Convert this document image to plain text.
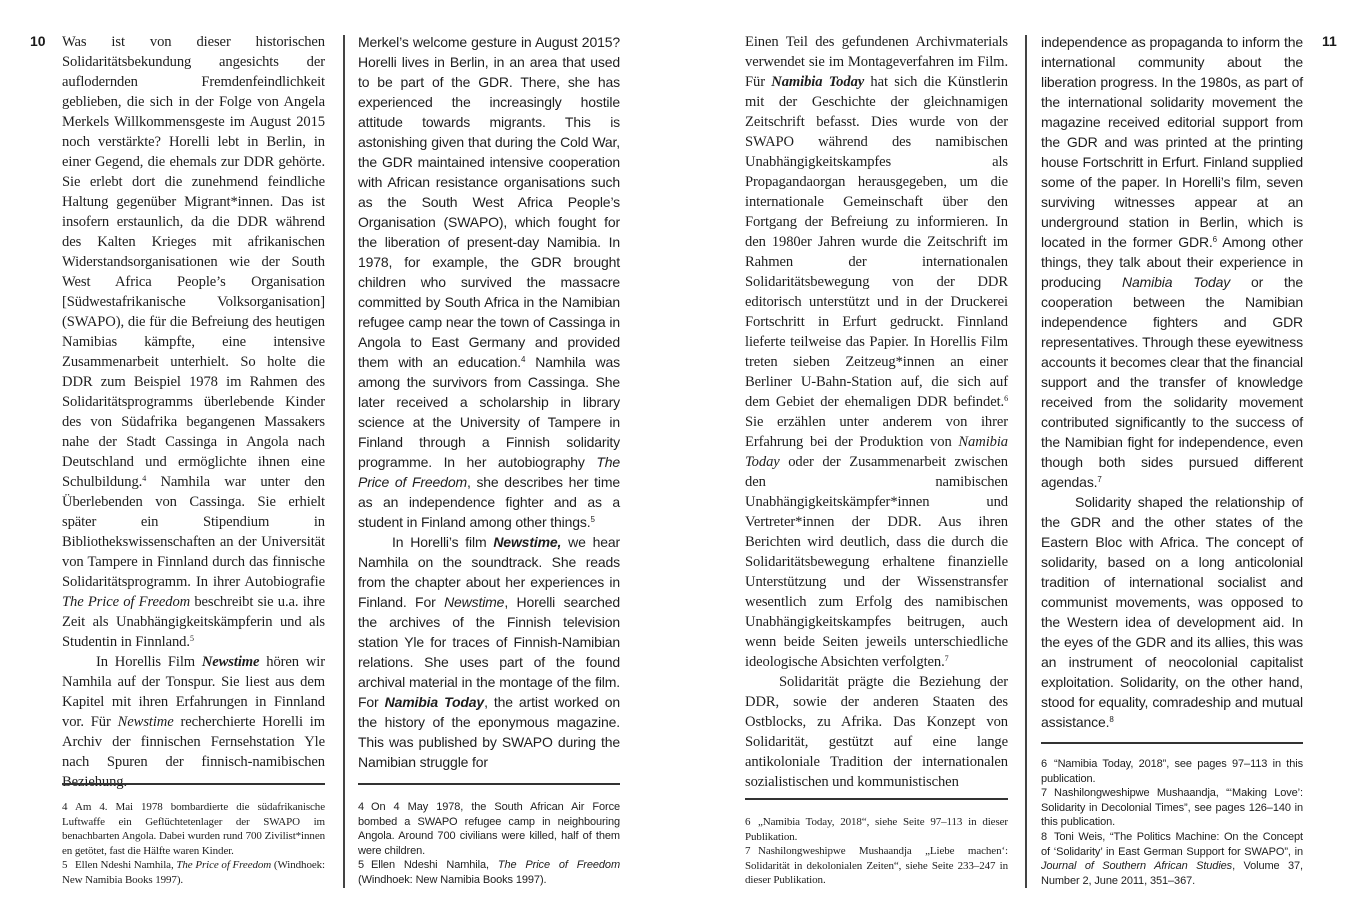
10 Was ist von dieser historischen Solidaritätsbekundung angesichts der auflodernden Fremdenfeindlichkeit geblieben, die sich in der Folge von Angela Merkels Willkommensgeste im August 2015 noch verstärkte? Horelli lebt in Berlin, in einer Gegend, die ehemals zur DDR gehörte. Sie erlebt dort die zunehmend feindliche Haltung gegenüber Migrant*innen. Das ist insofern erstaunlich, da die DDR während des Kalten Krieges mit afrikanischen Widerstandsorganisationen wie der South West Africa People’s Organisation [Südwestafrikanische Volksorganisation] (SWAPO), die für die Befreiung des heutigen Namibias kämpfte, eine intensive Zusammenarbeit unterhielt. So holte die DDR zum Beispiel 1978 im Rahmen des Solidaritätsprogramms überlebende Kinder des von Südafrika begangenen Massakers nahe der Stadt Cassinga in Angola nach Deutschland und ermöglichte ihnen eine Schulbildung.$^4$ Namhila war unter den Überlebenden von Cassinga. Sie erhielt später ein Stipendium in Bibliothekswissenschaften an der Universität von Tampere in Finnland durch das finnische Solidaritätsprogramm. In ihrer Autobiografie The Price of Freedom beschreibt sie u.a. ihre Zeit als Unabhängigkeitskämpferin und als Studentin in Finnland.$^5$

In Horellis Film Newstime hören wir Namhila auf der Tonspur. Sie liest aus dem Kapitel mit ihren Erfahrungen in Finnland vor. Für Newstime recherchierte Horelli im Archiv der finnischen Fernsehstation Yle nach Spuren der finnisch-namibischen Beziehung.

4 Am 4. Mai 1978 bombardierte die südafrikanische Luftwaffe ein Geflüchtetenlager der SWAPO im benachbarten Angola. Dabei wurden rund 700 Zivilist*innen en getötet, fast die Hälfte waren Kinder.

5 Ellen Ndeshi Namhila, The Price of Freedom (Windhoek: New Namibia Books 1997).

Merkel’s welcome gesture in August 2015? Horelli lives in Berlin, in an area that used to be part of the GDR. There, she has experienced the increasingly hostile attitude towards migrants. This is astonishing given that during the Cold War, the GDR maintained intensive cooperation with African resistance organisations such as the South West Africa People’s Organisation (SWAPO), which fought for the liberation of present-day Namibia. In 1978, for example, the GDR brought children who survived the massacre committed by South Africa in the Namibian refugee camp near the town of Cassinga in Angola to East Germany and provided them with an education.$^4$ Namhila was among the survivors from Cassinga. She later received a scholarship in library science at the University of Tampere in Finland through a Finnish solidarity programme. In her autobiography The Price of Freedom, she describes her time as an independence fighter and as a student in Finland among other things.$^5$

In Horelli’s film Newstime, we hear Namhila on the soundtrack. She reads from the chapter about her experiences in Finland. For Newstime, Horelli searched the archives of the Finnish television station Yle for traces of Finnish-Namibian relations. She uses part of the found archival material in the montage of the film. For Namibia Today, the artist worked on the history of the eponymous magazine. This was published by SWAPO during the Namibian struggle for

4 On 4 May 1978, the South African Air Force bombed a SWAPO refugee camp in neighbouring Angola. Around 700 civilians were killed, half of them were children.

5 Ellen Ndeshi Namhila, The Price of Freedom (Windhoek: New Namibia Books 1997).

Einen Teil des gefundenen Archivmaterials verwendet sie im Montageverfahren im Film. Für Namibia Today hat sich die Künstlerin mit der Geschichte der gleichnamigen Zeitschrift befasst. Dies wurde von der SWAPO während des namibischen Unabhängigkeitskampfes als Propagandaorgan herausgegeben, um die internationale Gemeinschaft über den Fortgang der Befreiung zu informieren. In den 1980er Jahren wurde die Zeitschrift im Rahmen der internationalen Solidaritätsbewegung von der DDR editorisch unterstützt und in der Druckerei Fortschritt in Erfurt gedruckt. Finnland lieferte teilweise das Papier. In Horellis Film treten sieben Zeitzeug*innen an einer Berliner U-Bahn-Station auf, die sich auf dem Gebiet der ehemaligen DDR befindet.$^6$ Sie erzählen unter anderem von ihrer Erfahrung bei der Produktion von Namibia Today oder der Zusammenarbeit zwischen den namibischen Unabhängigkeitskämpfer*innen und Vertreter*innen der DDR. Aus ihren Berichten wird deutlich, dass die durch die Solidaritätsbewegung erhaltene finanzielle Unterstützung und der Wissenstransfer wesentlich zum Erfolg des namibischen Unabhängigkeitskampfes beitrugen, auch wenn beide Seiten jeweils unterschiedliche ideologische Absichten verfolgten.$^7$

Solidarität prägte die Beziehung der DDR, sowie der anderen Staaten des Ostblocks, zu Afrika. Das Konzept von Solidarität, gestützt auf eine lange antikoloniale Tradition der internationalen sozialistischen und kommunistischen

6 „Namibia Today, 2018“, siehe Seite 97–113 in dieser Publikation.

7 Nashilongweshipwe Mushaandja „Liebe machen‘: Solidarität in dekolonialen Zeiten“, siehe Seite 233–247 in dieser Publikation.

independence as propaganda to inform the international community about the liberation progress. In the 1980s, as part of the international solidarity movement the magazine received editorial support from the GDR and was printed at the printing house Fortschritt in Erfurt. Finland supplied some of the paper. In Horelli’s film, seven surviving witnesses appear at an underground station in Berlin, which is located in the former GDR.$^6$ Among other things, they talk about their experience in producing Namibia Today or the cooperation between the Namibian independence fighters and GDR representatives. Through these eyewitness accounts it becomes clear that the financial support and the transfer of knowledge received from the solidarity movement contributed significantly to the success of the Namibian fight for independence, even though both sides pursued different agendas.$^7$

Solidarity shaped the relationship of the GDR and the other states of the Eastern Bloc with Africa. The concept of solidarity, based on a long anticolonial tradition of international socialist and communist movements, was opposed to the Western idea of development aid. In the eyes of the GDR and its allies, this was an instrument of neocolonial capitalist exploitation. Solidarity, on the other hand, stood for equality, comradeship and mutual assistance.$^8$

6 “Namibia Today, 2018”, see pages 97–113 in this publication.

7 Nashilongweshipwe Mushaandja, “‘Making Love’: Solidarity in Decolonial Times”, see pages 126–140 in this publication.

8 Toni Weis, “The Politics Machine: On the Concept of ‘Solidarity’ in East German Support for SWAPO”, in Journal of Southern African Studies, Volume 37, Number 2, June 2011, 351–367.

11
